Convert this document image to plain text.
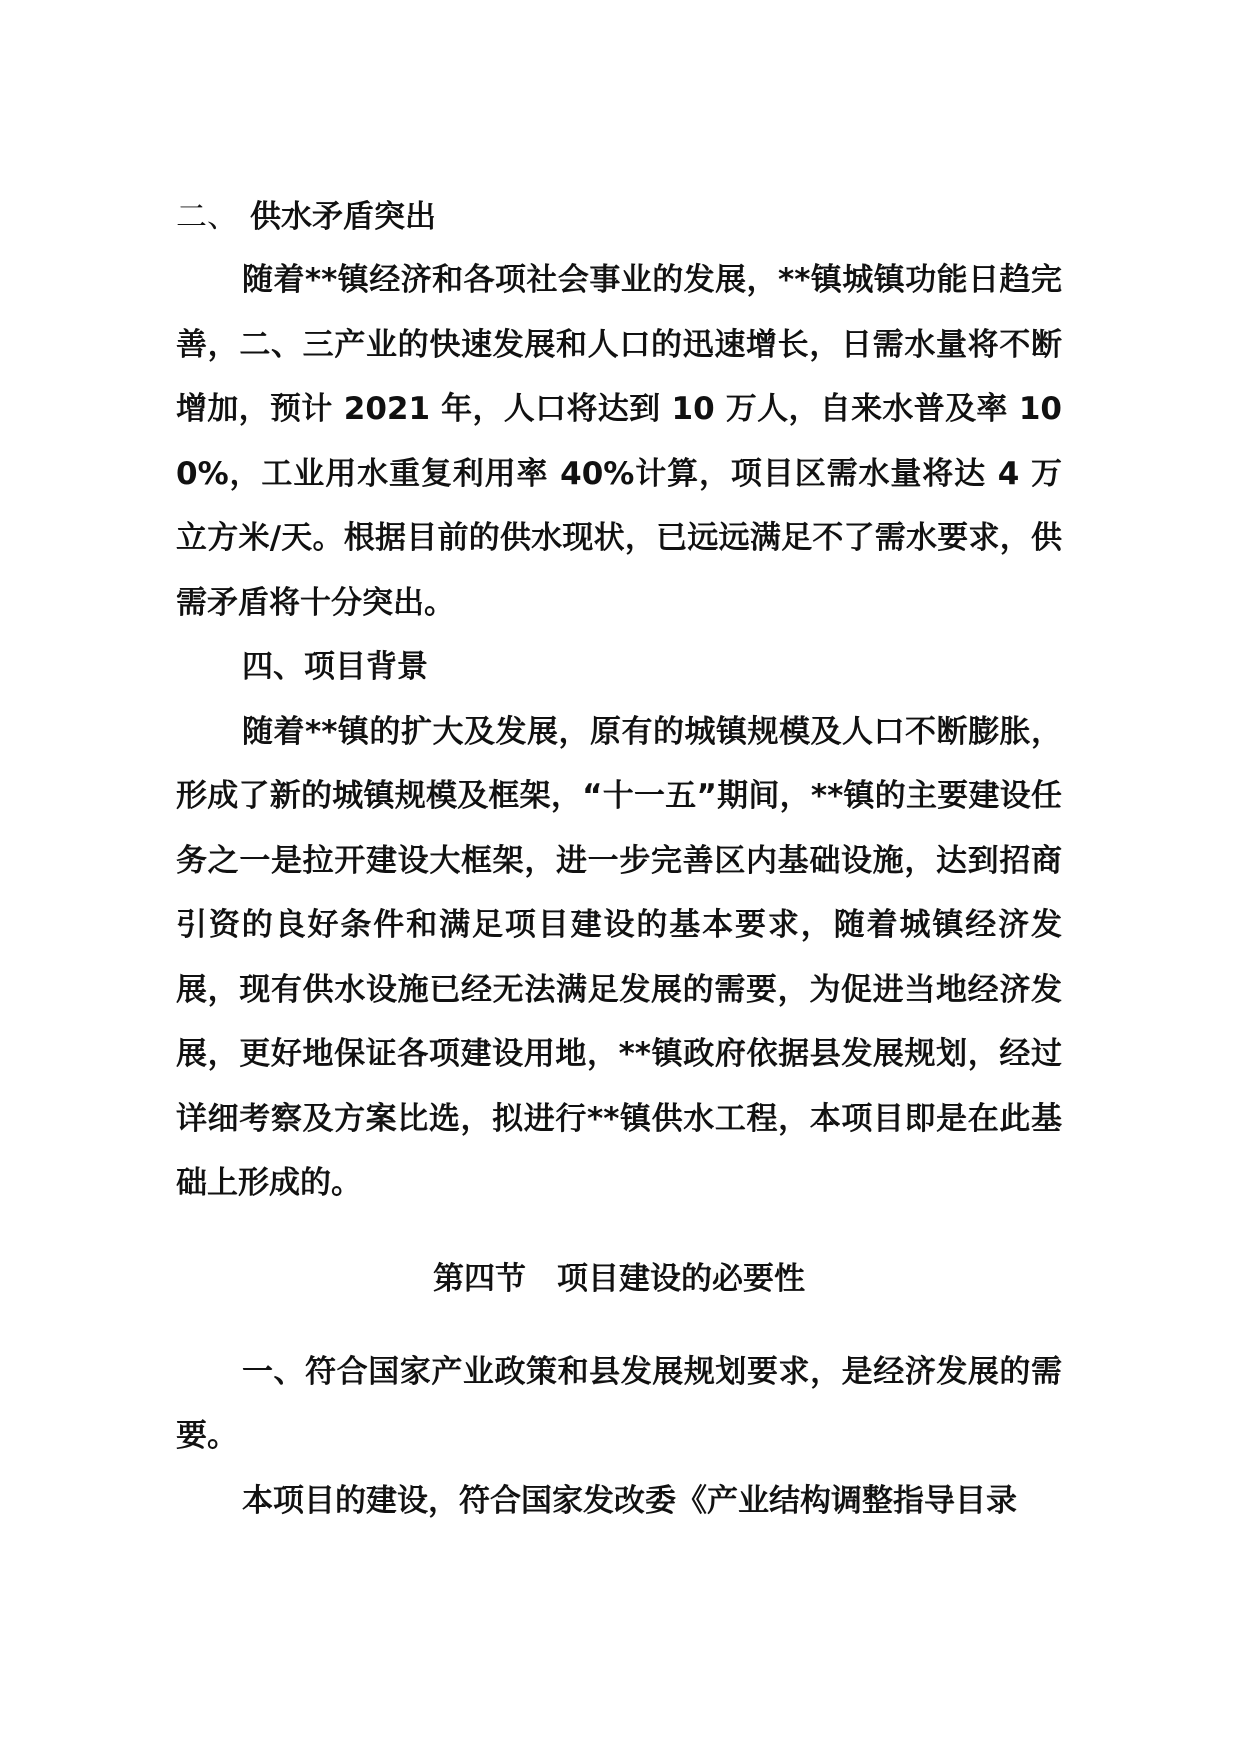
二、 供水矛盾突出

随着**镇经济和各项社会事业的发展，**镇城镇功能日趋完善，二、三产业的快速发展和人口的迅速增长，日需水量将不断增加，预计 2021 年，人口将达到 10 万人，自来水普及率 100%，工业用水重复利用率 40%计算，项目区需水量将达 4 万立方米/天。根据目前的供水现状，已远远满足不了需水要求，供需矛盾将十分突出。

四、项目背景

随着**镇的扩大及发展，原有的城镇规模及人口不断膨胀，形成了新的城镇规模及框架，“十一五”期间，**镇的主要建设任务之一是拉开建设大框架，进一步完善区内基础设施，达到招商引资的良好条件和满足项目建设的基本要求，随着城镇经济发展，现有供水设施已经无法满足发展的需要，为促进当地经济发展，更好地保证各项建设用地，**镇政府依据县发展规划，经过详细考察及方案比选，拟进行**镇供水工程，本项目即是在此基础上形成的。

第四节　项目建设的必要性

一、符合国家产业政策和县发展规划要求，是经济发展的需要。

本项目的建设，符合国家发改委《产业结构调整指导目录
